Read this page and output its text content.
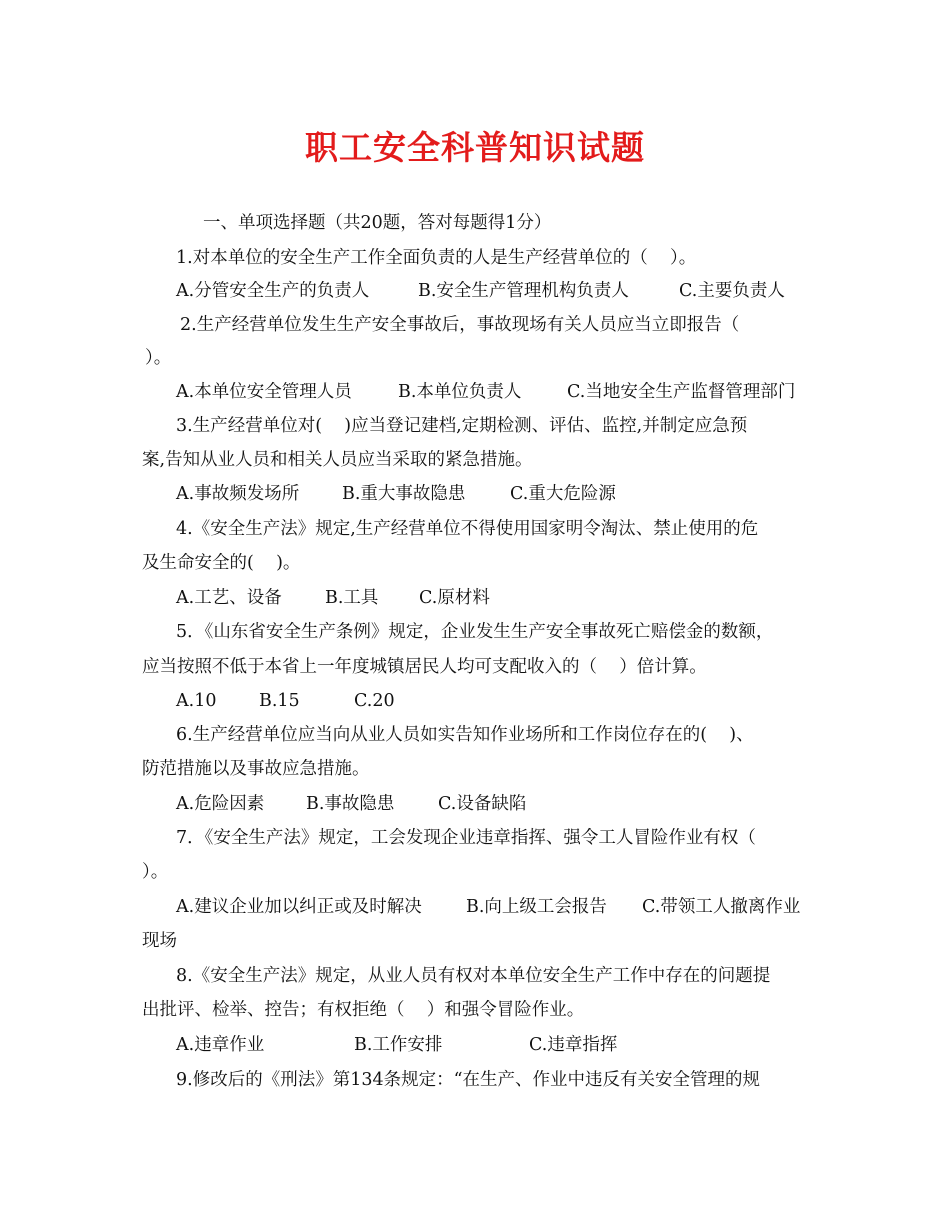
职工安全科普知识试题
一、单项选择题（共20题，答对每题得1分）
1.对本单位的安全生产工作全面负责的人是生产经营单位的（    ）。
A.分管安全生产的负责人	B.安全生产管理机构负责人	C.主要负责人
2.生产经营单位发生生产安全事故后，事故现场有关人员应当立即报告（
）。
A.本单位安全管理人员	B.本单位负责人	C.当地安全生产监督管理部门
3.生产经营单位对(    )应当登记建档,定期检测、评估、监控,并制定应急预
案,告知从业人员和相关人员应当采取的紧急措施。
A.事故频发场所 B.重大事故隐患	C.重大危险源
4.《安全生产法》规定,生产经营单位不得使用国家明令淘汰、禁止使用的危
及生命安全的(    )。
A.工艺、设备 B.工具 C.原材料
5．《山东省安全生产条例》规定，企业发生生产安全事故死亡赔偿金的数额，
应当按照不低于本省上一年度城镇居民人均可支配收入的（    ）倍计算。
A.10 B.15	C.20
6.生产经营单位应当向从业人员如实告知作业场所和工作岗位存在的(    )、
防范措施以及事故应急措施。
A.危险因素 B.事故隐患 C.设备缺陷
7．《安全生产法》规定，工会发现企业违章指挥、强令工人冒险作业有权（
）。
A.建议企业加以纠正或及时解决	B.向上级工会报告 C.带领工人撤离作业
现场
8.《安全生产法》规定，从业人员有权对本单位安全生产工作中存在的问题提
出批评、检举、控告；有权拒绝（    ）和强令冒险作业。
A.违章作业	B.工作安排	C.违章指挥
9.修改后的《刑法》第134条规定：“在生产、作业中违反有关安全管理的规
